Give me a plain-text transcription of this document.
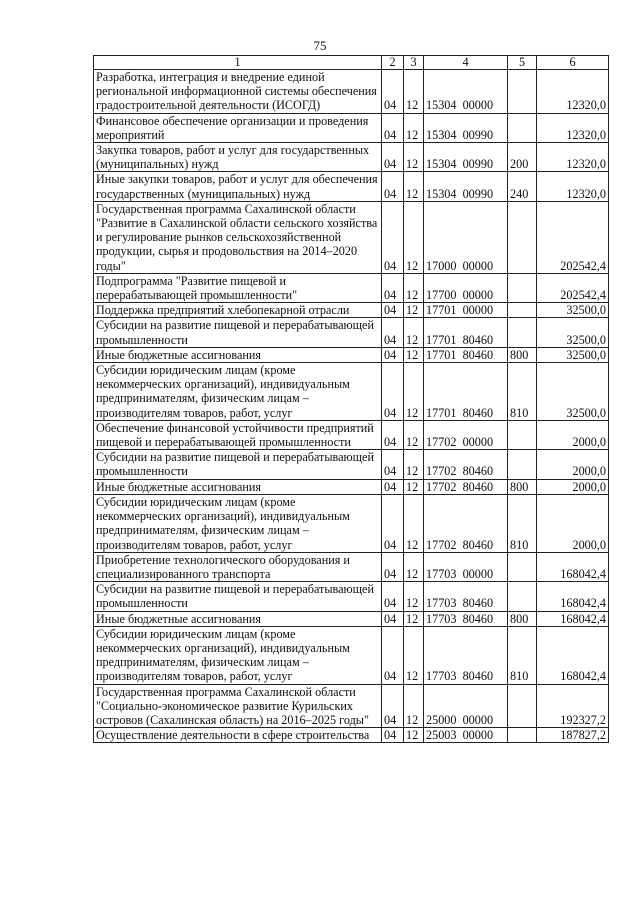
75
1	2	3	4	5	6
Разработка, интеграция и внедрение единой региональной информационной системы обеспечения градостроительной деятельности (ИСОГД)	04	12	15304  00000		12320,0
Финансовое обеспечение организации и проведения мероприятий	04	12	15304  00990		12320,0
Закупка товаров, работ и услуг для государственных (муниципальных) нужд	04	12	15304  00990	200	12320,0
Иные закупки товаров, работ и услуг для обеспечения государственных (муниципальных) нужд	04	12	15304  00990	240	12320,0
Государственная программа Сахалинской области "Развитие в Сахалинской области сельского хозяйства и регулирование рынков сельскохозяйственной продукции, сырья и продовольствия на 2014–2020 годы"	04	12	17000  00000		202542,4
Подпрограмма "Развитие пищевой и перерабатывающей промышленности"	04	12	17700  00000		202542,4
Поддержка предприятий хлебопекарной отрасли	04	12	17701  00000		32500,0
Субсидии на развитие пищевой и перерабатывающей промышленности	04	12	17701  80460		32500,0
Иные бюджетные ассигнования	04	12	17701  80460	800	32500,0
Субсидии юридическим лицам (кроме некоммерческих организаций), индивидуальным предпринимателям, физическим лицам – производителям товаров, работ, услуг	04	12	17701  80460	810	32500,0
Обеспечение финансовой устойчивости предприятий пищевой и перерабатывающей промышленности	04	12	17702  00000		2000,0
Субсидии на развитие пищевой и перерабатывающей промышленности	04	12	17702  80460		2000,0
Иные бюджетные ассигнования	04	12	17702  80460	800	2000,0
Субсидии юридическим лицам (кроме некоммерческих организаций), индивидуальным предпринимателям, физическим лицам – производителям товаров, работ, услуг	04	12	17702  80460	810	2000,0
Приобретение технологического оборудования и специализированного транспорта	04	12	17703  00000		168042,4
Субсидии на развитие пищевой и перерабатывающей промышленности	04	12	17703  80460		168042,4
Иные бюджетные ассигнования	04	12	17703  80460	800	168042,4
Субсидии юридическим лицам (кроме некоммерческих организаций), индивидуальным предпринимателям, физическим лицам – производителям товаров, работ, услуг	04	12	17703  80460	810	168042,4
Государственная программа Сахалинской области "Социально-экономическое развитие Курильских островов (Сахалинская область) на 2016–2025 годы"	04	12	25000  00000		192327,2
Осуществление деятельности в сфере строительства	04	12	25003  00000		187827,2
